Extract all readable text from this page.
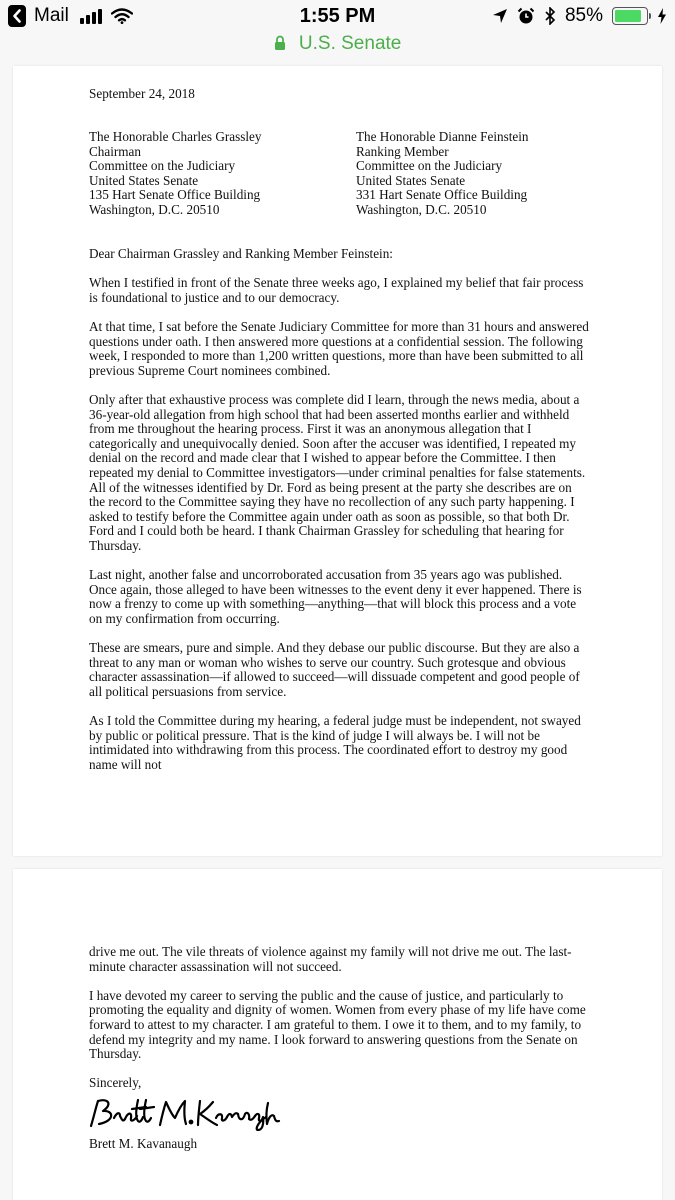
Mail	1:55 PM	85%
U.S. Senate
September 24, 2018
The Honorable Charles Grassley
Chairman
Committee on the Judiciary
United States Senate
135 Hart Senate Office Building
Washington, D.C. 20510
The Honorable Dianne Feinstein
Ranking Member
Committee on the Judiciary
United States Senate
331 Hart Senate Office Building
Washington, D.C. 20510

Dear Chairman Grassley and Ranking Member Feinstein:

When I testified in front of the Senate three weeks ago, I explained my belief that fair process is foundational to justice and to our democracy.

At that time, I sat before the Senate Judiciary Committee for more than 31 hours and answered questions under oath. I then answered more questions at a confidential session. The following week, I responded to more than 1,200 written questions, more than have been submitted to all previous Supreme Court nominees combined.

Only after that exhaustive process was complete did I learn, through the news media, about a 36-year-old allegation from high school that had been asserted months earlier and withheld from me throughout the hearing process. First it was an anonymous allegation that I categorically and unequivocally denied. Soon after the accuser was identified, I repeated my denial on the record and made clear that I wished to appear before the Committee. I then repeated my denial to Committee investigators—under criminal penalties for false statements. All of the witnesses identified by Dr. Ford as being present at the party she describes are on the record to the Committee saying they have no recollection of any such party happening. I asked to testify before the Committee again under oath as soon as possible, so that both Dr. Ford and I could both be heard. I thank Chairman Grassley for scheduling that hearing for Thursday.

Last night, another false and uncorroborated accusation from 35 years ago was published. Once again, those alleged to have been witnesses to the event deny it ever happened. There is now a frenzy to come up with something—anything—that will block this process and a vote on my confirmation from occurring.

These are smears, pure and simple. And they debase our public discourse. But they are also a threat to any man or woman who wishes to serve our country. Such grotesque and obvious character assassination—if allowed to succeed—will dissuade competent and good people of all political persuasions from service.

As I told the Committee during my hearing, a federal judge must be independent, not swayed by public or political pressure. That is the kind of judge I will always be. I will not be intimidated into withdrawing from this process. The coordinated effort to destroy my good name will not

drive me out. The vile threats of violence against my family will not drive me out. The last-minute character assassination will not succeed.

I have devoted my career to serving the public and the cause of justice, and particularly to promoting the equality and dignity of women. Women from every phase of my life have come forward to attest to my character. I am grateful to them. I owe it to them, and to my family, to defend my integrity and my name. I look forward to answering questions from the Senate on Thursday.

Sincerely,
Brett M. Kavanaugh
